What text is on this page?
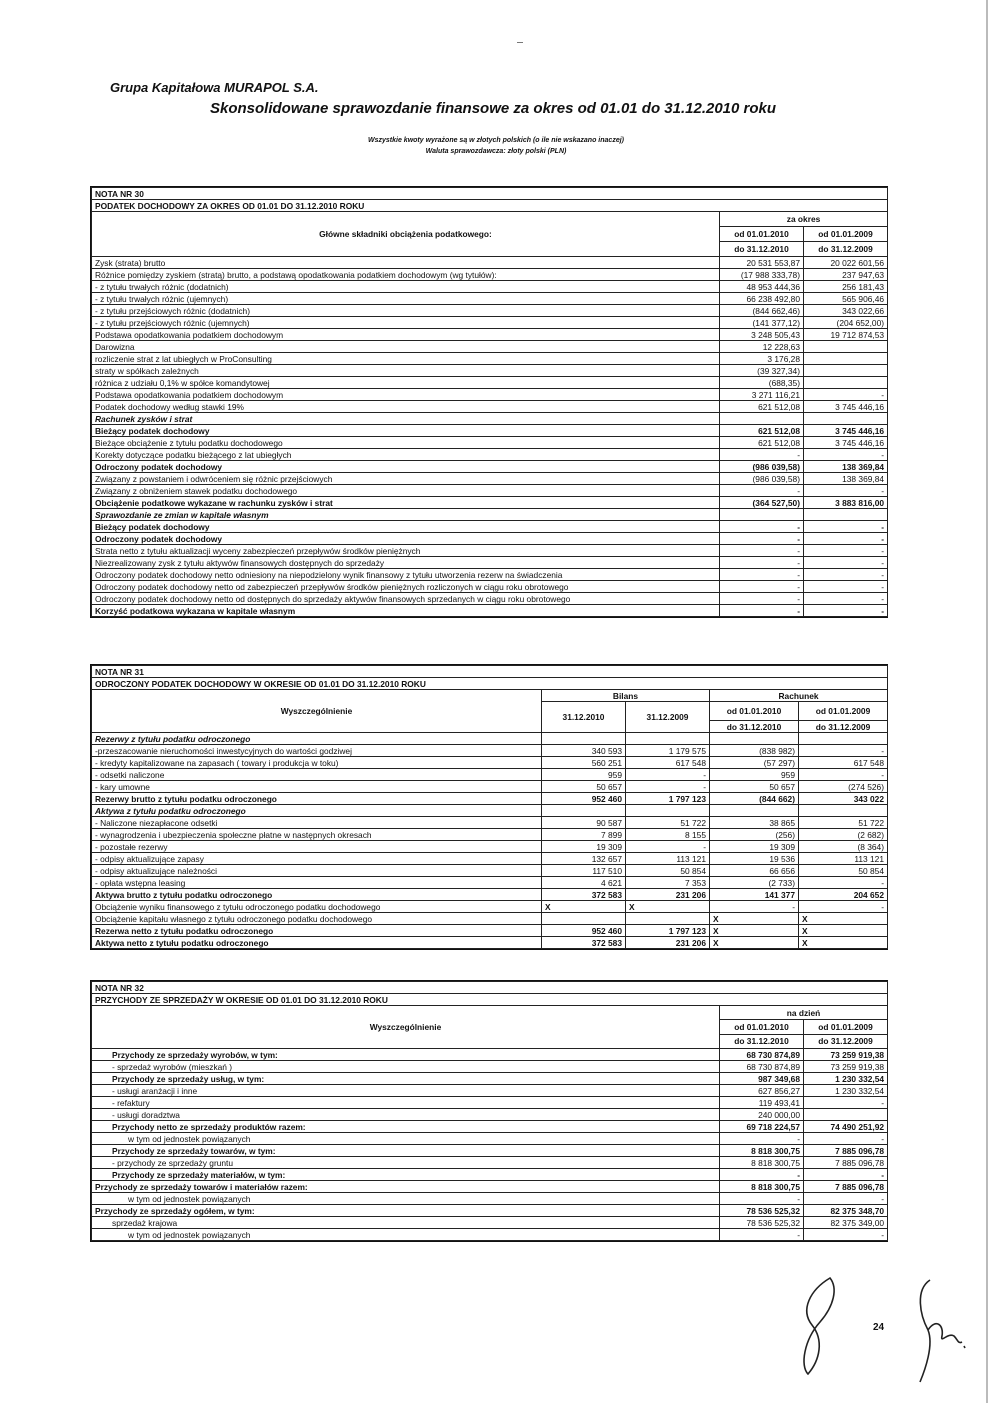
Grupa Kapitałowa MURAPOL S.A.
Skonsolidowane sprawozdanie finansowe za okres od 01.01 do 31.12.2010 roku
Wszystkie kwoty wyrażone są w złotych polskich (o ile nie wskazano inaczej)
Waluta sprawozdawcza: złoty polski (PLN)
NOTA NR 30		
PODATEK DOCHODOWY ZA OKRES OD 01.01 DO 31.12.2010 ROKU		
Główne składniki obciążenia podatkowego:	za okres	
	od 01.01.2010	od 01.01.2009
	do 31.12.2010	do 31.12.2009
Zysk (strata) brutto	20 531 553,87	20 022 601,56
Różnice pomiędzy zyskiem (stratą) brutto, a podstawą opodatkowania podatkiem dochodowym (wg tytułów):	(17 988 333,78)	237 947,63
- z tytułu trwałych różnic (dodatnich)	48 953 444,36	256 181,43
- z tytułu trwałych różnic (ujemnych)	66 238 492,80	565 906,46
- z tytułu przejściowych różnic (dodatnich)	(844 662,46)	343 022,66
- z tytułu przejściowych różnic (ujemnych)	(141 377,12)	(204 652,00)
Podstawa opodatkowania podatkiem dochodowym	3 248 505,43	19 712 874,53
Darowizna	12 228,63	
rozliczenie strat z lat ubiegłych w ProConsulting	3 176,28	
straty w spółkach zależnych	(39 327,34)	
różnica z udziału 0,1% w spółce komandytowej	(688,35)	
Podstawa opodatkowania podatkiem dochodowym	3 271 116,21	-
Podatek dochodowy według stawki 19%	621 512,08	3 745 446,16
Rachunek zysków i strat		
Bieżący podatek dochodowy	621 512,08	3 745 446,16
Bieżące obciążenie z tytułu podatku dochodowego	621 512,08	3 745 446,16
Korekty dotyczące podatku bieżącego z lat ubiegłych	-	-
Odroczony podatek dochodowy	(986 039,58)	138 369,84
Związany z powstaniem i odwróceniem się różnic przejściowych	(986 039,58)	138 369,84
Związany z obniżeniem stawek podatku dochodowego	-	-
Obciążenie podatkowe wykazane w rachunku zysków i strat	(364 527,50)	3 883 816,00
Sprawozdanie ze zmian w kapitale własnym		
Bieżący podatek dochodowy	-	-
Odroczony podatek dochodowy	-	-
Strata netto z tytułu aktualizacji wyceny zabezpieczeń przepływów środków pieniężnych	-	-
Niezrealizowany zysk z tytułu aktywów finansowych dostępnych do sprzedaży	-	-
Odroczony podatek dochodowy netto odniesiony na niepodzielony wynik finansowy z tytułu utworzenia rezerw na świadczenia	-	-
Odroczony podatek dochodowy netto od zabezpieczeń przepływów środków pieniężnych rozliczonych w ciągu roku obrotowego	-	-
Odroczony podatek dochodowy netto od dostępnych do sprzedaży aktywów finansowych sprzedanych w ciągu roku obrotowego	-	-
Korzyść podatkowa wykazana w kapitale własnym	-	-
NOTA NR 31				
ODROCZONY PODATEK DOCHODOWY W OKRESIE OD 01.01 DO 31.12.2010 ROKU				
Wyszczególnienie	Bilans		Rachunek	
	31.12.2010	31.12.2009	od 01.01.2010	od 01.01.2009
			do 31.12.2010	do 31.12.2009
Rezerwy z tytułu podatku odroczonego				
-przeszacowanie nieruchomości inwestycyjnych do wartości godziwej	340 593	1 179 575	(838 982)	-
- kredyty kapitalizowane na zapasach ( towary i produkcja w toku)	560 251	617 548	(57 297)	617 548
- odsetki naliczone	959	-	959	-
- kary umowne	50 657	-	50 657	(274 526)
Rezerwy brutto z tytułu podatku odroczonego	952 460	1 797 123	(844 662)	343 022
Aktywa z tytułu podatku odroczonego				
- Naliczone niezapłacone odsetki	90 587	51 722	38 865	51 722
- wynagrodzenia i ubezpieczenia społeczne płatne w następnych okresach	7 899	8 155	(256)	(2 682)
- pozostałe rezerwy	19 309	-	19 309	(8 364)
- odpisy aktualizujące zapasy	132 657	113 121	19 536	113 121
- odpisy aktualizujące należności	117 510	50 854	66 656	50 854
- opłata wstępna leasing	4 621	7 353	(2 733)	-
Aktywa brutto z tytułu podatku odroczonego	372 583	231 206	141 377	204 652
Obciążenie wyniku finansowego z tytułu odroczonego podatku dochodowego	X	X	-	-
Obciążenie kapitału własnego z tytułu odroczonego podatku dochodowego			X	X
Rezerwa netto z tytułu podatku odroczonego	952 460	1 797 123	X	X
Aktywa netto z tytułu podatku odroczonego	372 583	231 206	X	X
NOTA NR 32		
PRZYCHODY ZE SPRZEDAŻY W OKRESIE OD 01.01 DO 31.12.2010 ROKU		
Wyszczególnienie	na dzień	
	od 01.01.2010	od 01.01.2009
	do 31.12.2010	do 31.12.2009
Przychody ze sprzedaży wyrobów, w tym:	68 730 874,89	73 259 919,38
- sprzedaż wyrobów (mieszkań )	68 730 874,89	73 259 919,38
Przychody ze sprzedaży usług, w tym:	987 349,68	1 230 332,54
- usługi aranżacji i inne	627 856,27	1 230 332,54
- refaktury	119 493,41	-
- usługi doradztwa	240 000,00	
Przychody netto ze sprzedaży produktów razem:	69 718 224,57	74 490 251,92
w tym od jednostek powiązanych	-	-
Przychody ze sprzedaży towarów, w tym:	8 818 300,75	7 885 096,78
- przychody ze sprzedaży gruntu	8 818 300,75	7 885 096,78
Przychody ze sprzedaży materiałów, w tym:	-	-
Przychody ze sprzedaży towarów i materiałów razem:	8 818 300,75	7 885 096,78
w tym od jednostek powiązanych	-	-
Przychody ze sprzedaży ogółem, w tym:	78 536 525,32	82 375 348,70
sprzedaż krajowa	78 536 525,32	82 375 349,00
w tym od jednostek powiązanych	-	-
24
